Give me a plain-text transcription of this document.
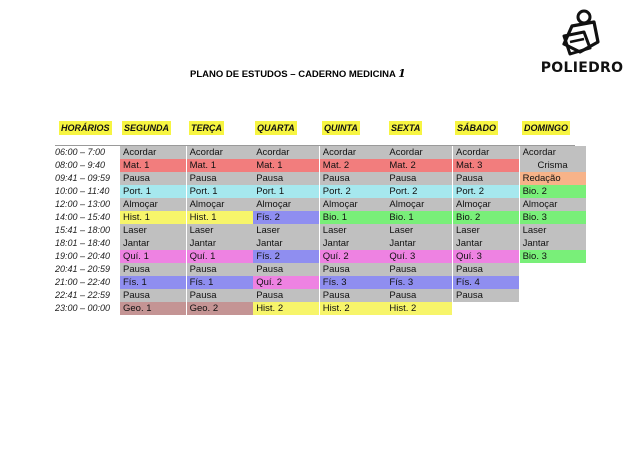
POLIEDRO
PLANO DE ESTUDOS – CADERNO MEDICINA 1
HORÁRIOS SEGUNDA TERÇA	QUARTA	QUINTA	SEXTA	SÁBADO	DOMINGO
06:00 – 7:00	Acordar	Acordar	Acordar	Acordar	Acordar	Acordar	Acordar
08:00 – 9:40	Mat. 1	Mat. 1	Mat. 1	Mat. 2	Mat. 2	Mat. 3	Crisma
09:41 – 09:59	Pausa	Pausa	Pausa	Pausa	Pausa	Pausa	Redação
10:00 – 11:40	Port. 1	Port. 1	Port. 1	Port. 2	Port. 2	Port. 2	Bio. 2
12:00 – 13:00	Almoçar	Almoçar	Almoçar	Almoçar	Almoçar	Almoçar	Almoçar
14:00 – 15:40	Hist. 1	Hist. 1	Fís. 2	Bio. 1	Bio. 1	Bio. 2	Bio. 3
15:41 – 18:00	Laser	Laser	Laser	Laser	Laser	Laser	Laser
18:01 – 18:40	Jantar	Jantar	Jantar	Jantar	Jantar	Jantar	Jantar
19:00 – 20:40	Quí. 1	Quí. 1	Fís. 2	Quí. 2	Quí. 3	Quí. 3	Bio. 3
20:41 – 20:59	Pausa	Pausa	Pausa	Pausa	Pausa	Pausa
21:00 – 22:40	Fís. 1	Fís. 1	Quí. 2	Fís. 3	Fís. 3	Fís. 4
22:41 – 22:59	Pausa	Pausa	Pausa	Pausa	Pausa	Pausa
23:00 – 00:00	Geo. 1	Geo. 2	Hist. 2	Hist. 2	Hist. 2
